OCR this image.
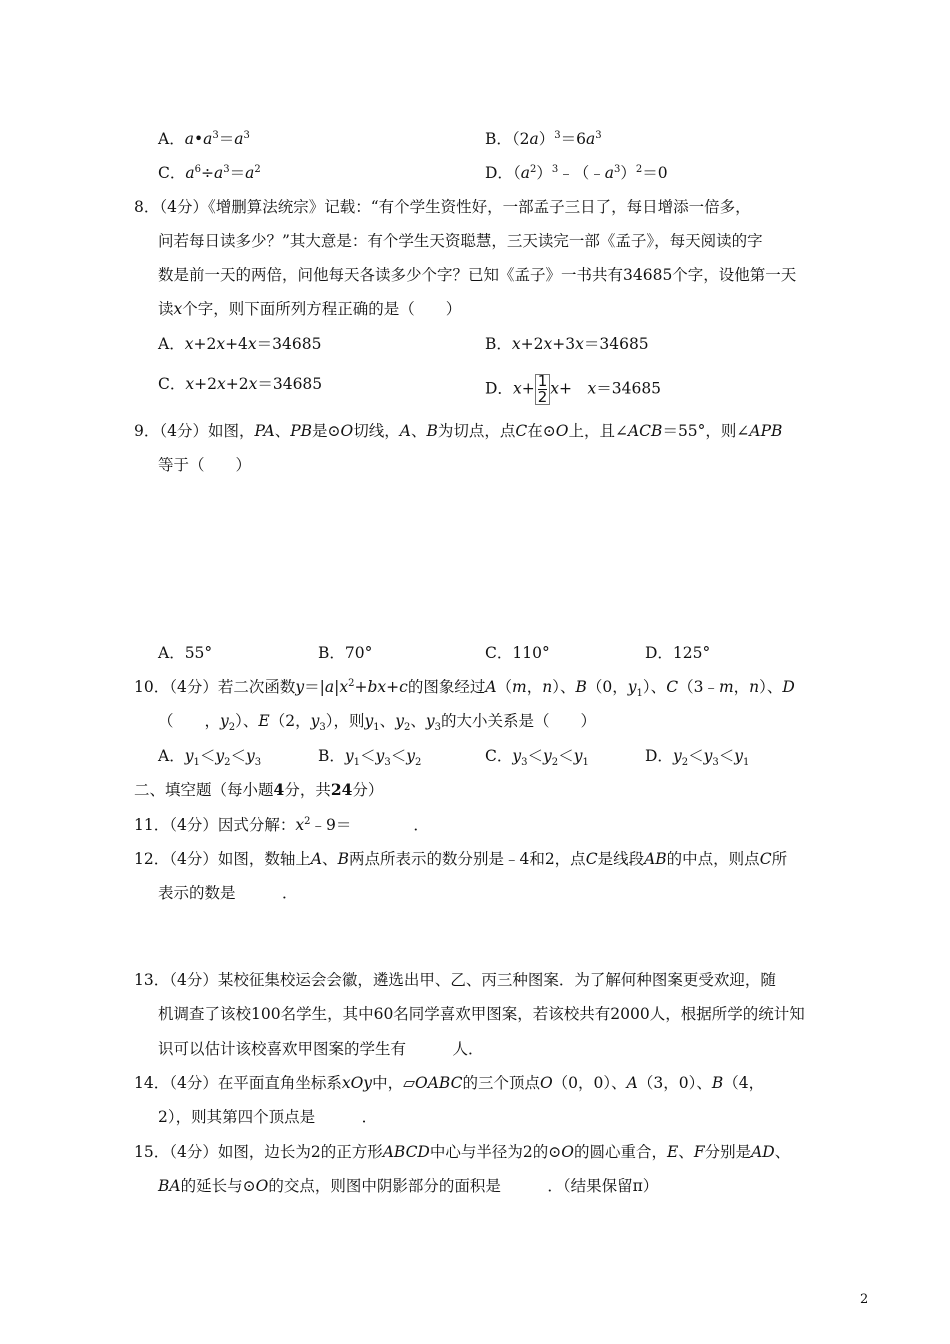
A．$a•a^3=a^3$	B．$(2a)^3=6a^3$
C．$a^6\div a^3=a^2$	D．$(a^2)^3﹣(﹣a^3)^2=0$
8．（4分）《增删算法统宗》记载：“有个学生资性好，一部孟子三日了，每日增添一倍多，
问若每日读多少？”其大意是：有个学生天资聪慧，三天读完一部《孟子》，每天阅读的字
数是前一天的两倍，问他每天各读多少个字？已知《孟子》一书共有34685个字，设他第一天
读x个字，则下面所列方程正确的是（　　）
A．x+2x+4x＝34685	B．x+2x+3x＝34685
C．x+2x+2x＝34685	D．$x+ \frac{1}{2} x+$　x＝34685
9．（4分）如图，PA、PB是⊙O切线，A、B为切点，点C在⊙O上，且∠ACB＝55°，则∠APB
等于（　　）
A．55°	B．70°	C．110°	D．125°
10．（4分）若二次函数$y=|a|x^2+bx+c$的图象经过A（m，n）、B（0，$y_1$）、C（3﹣m，n）、D
（　　，$y_2$）、E（2，$y_3$），则$y_1$、$y_2$、$y_3$的大小关系是（　　）
A．$y_1<y_2<y_3$	B．$y_1<y_3<y_2$	C．$y_3<y_2<y_1$	D．$y_2<y_3<y_1$
二、填空题（每小题4分，共24分）
11．（4分）因式分解：$x^2﹣9=$　　　　．
12．（4分）如图，数轴上A、B两点所表示的数分别是﹣4和2，点C是线段AB的中点，则点C所
表示的数是　　　．
13．（4分）某校征集校运会会徽，遴选出甲、乙、丙三种图案．为了解何种图案更受欢迎，随
机调查了该校100名学生，其中60名同学喜欢甲图案，若该校共有2000人，根据所学的统计知
识可以估计该校喜欢甲图案的学生有　　　人．
14．（4分）在平面直角坐标系xOy中，▱OABC的三个顶点O（0，0）、A（3，0）、B（4，
2），则其第四个顶点是　　　．
15．（4分）如图，边长为2的正方形ABCD中心与半径为2的⊙O的圆心重合，E、F分别是AD、
BA的延长与⊙O的交点，则图中阴影部分的面积是　　　．（结果保留π）
2
